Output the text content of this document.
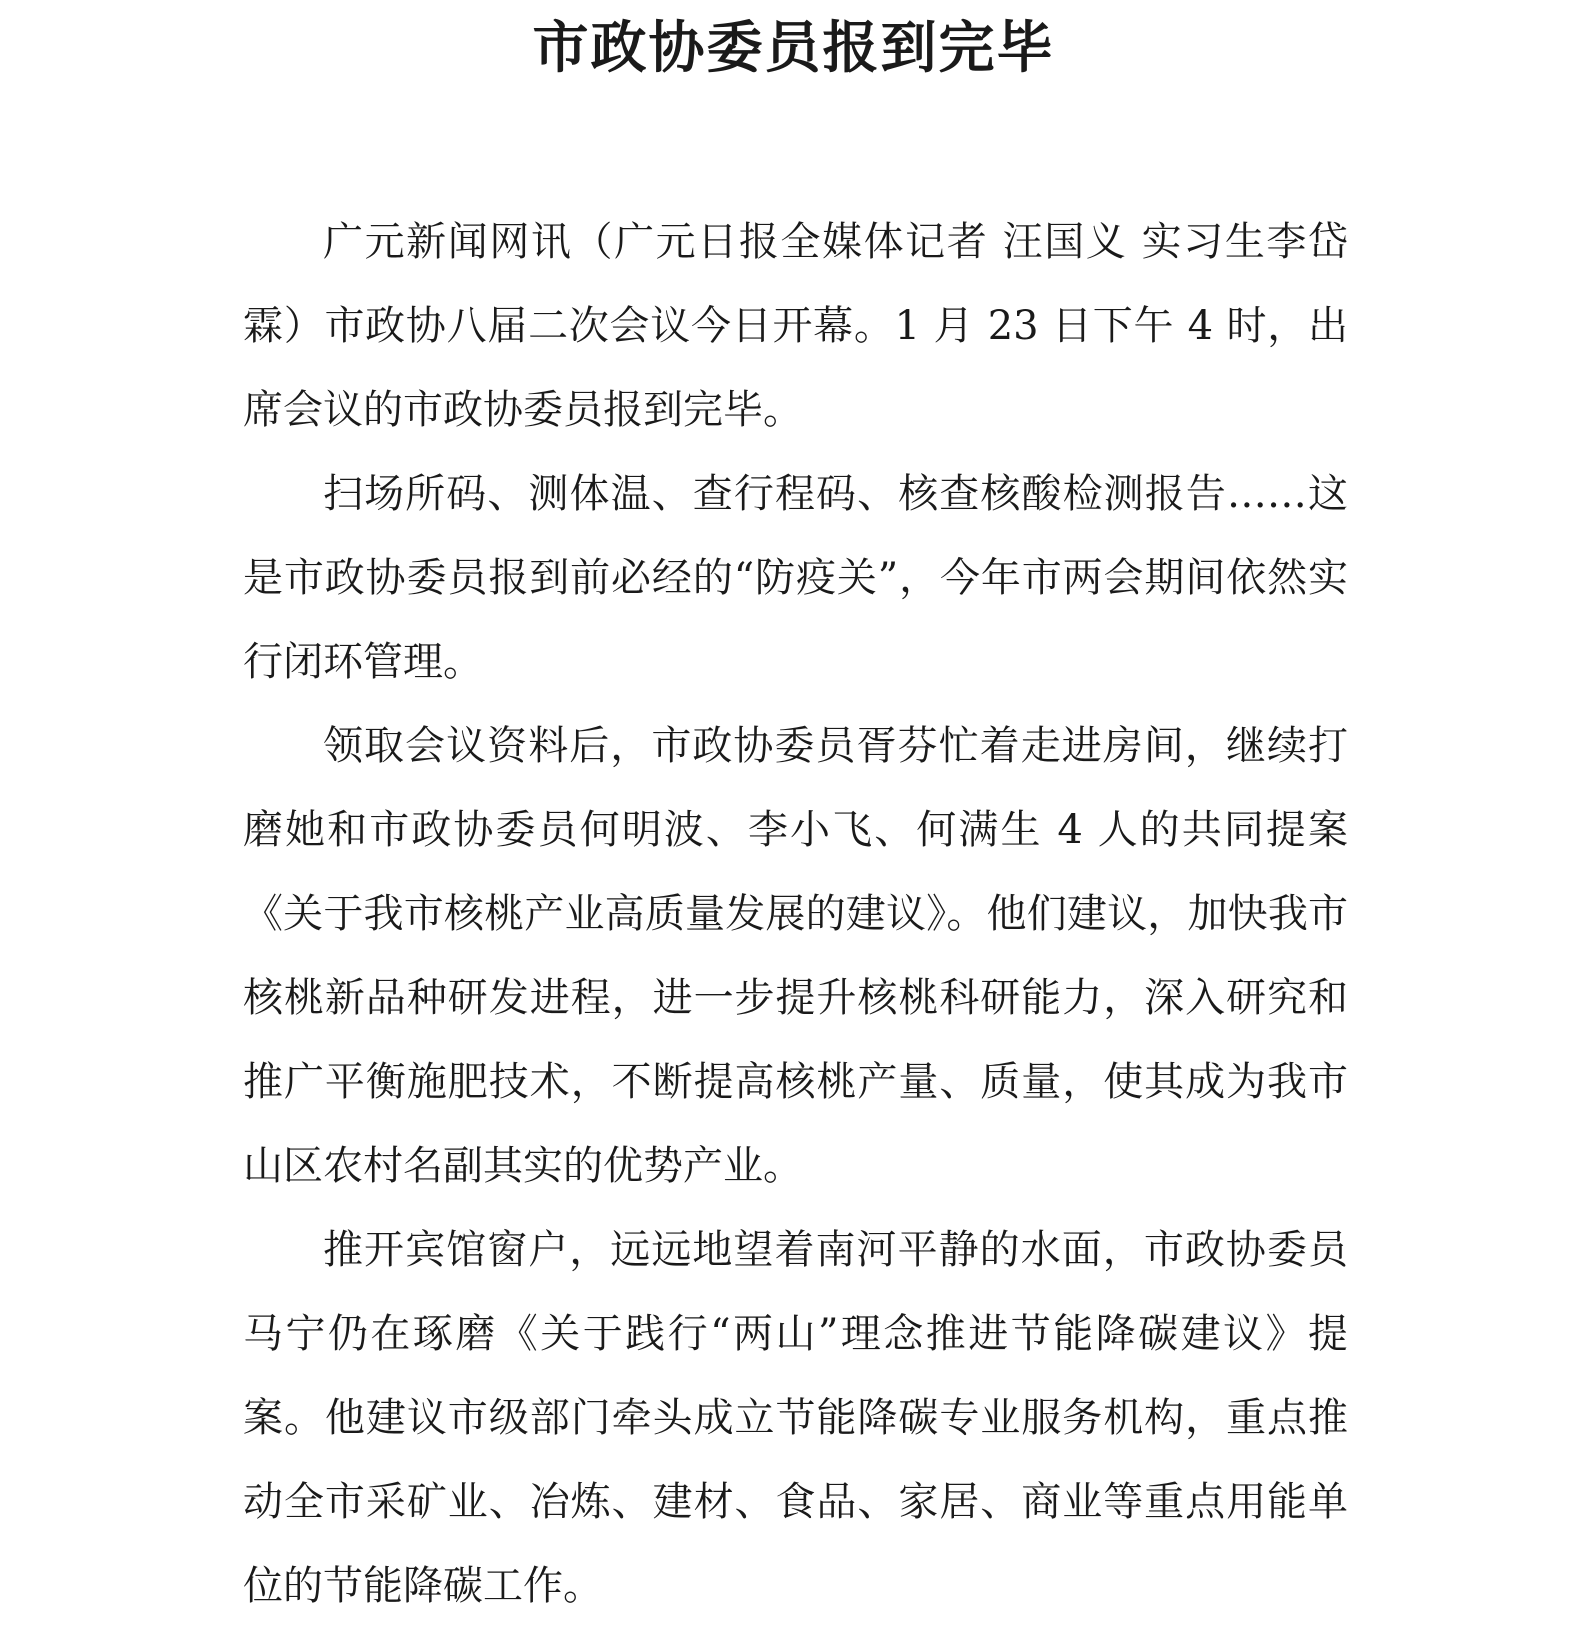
市政协委员报到完毕

广元新闻网讯（广元日报全媒体记者 汪国义 实习生李岱霖）市政协八届二次会议今日开幕。1 月 23 日下午 4 时，出席会议的市政协委员报到完毕。

扫场所码、测体温、查行程码、核查核酸检测报告……这是市政协委员报到前必经的“防疫关”，今年市两会期间依然实行闭环管理。

领取会议资料后，市政协委员胥芬忙着走进房间，继续打磨她和市政协委员何明波、李小飞、何满生 4 人的共同提案《关于我市核桃产业高质量发展的建议》。他们建议，加快我市核桃新品种研发进程，进一步提升核桃科研能力，深入研究和推广平衡施肥技术，不断提高核桃产量、质量，使其成为我市山区农村名副其实的优势产业。

推开宾馆窗户，远远地望着南河平静的水面，市政协委员马宁仍在琢磨《关于践行“两山”理念推进节能降碳建议》提案。他建议市级部门牵头成立节能降碳专业服务机构，重点推动全市采矿业、冶炼、建材、食品、家居、商业等重点用能单位的节能降碳工作。
